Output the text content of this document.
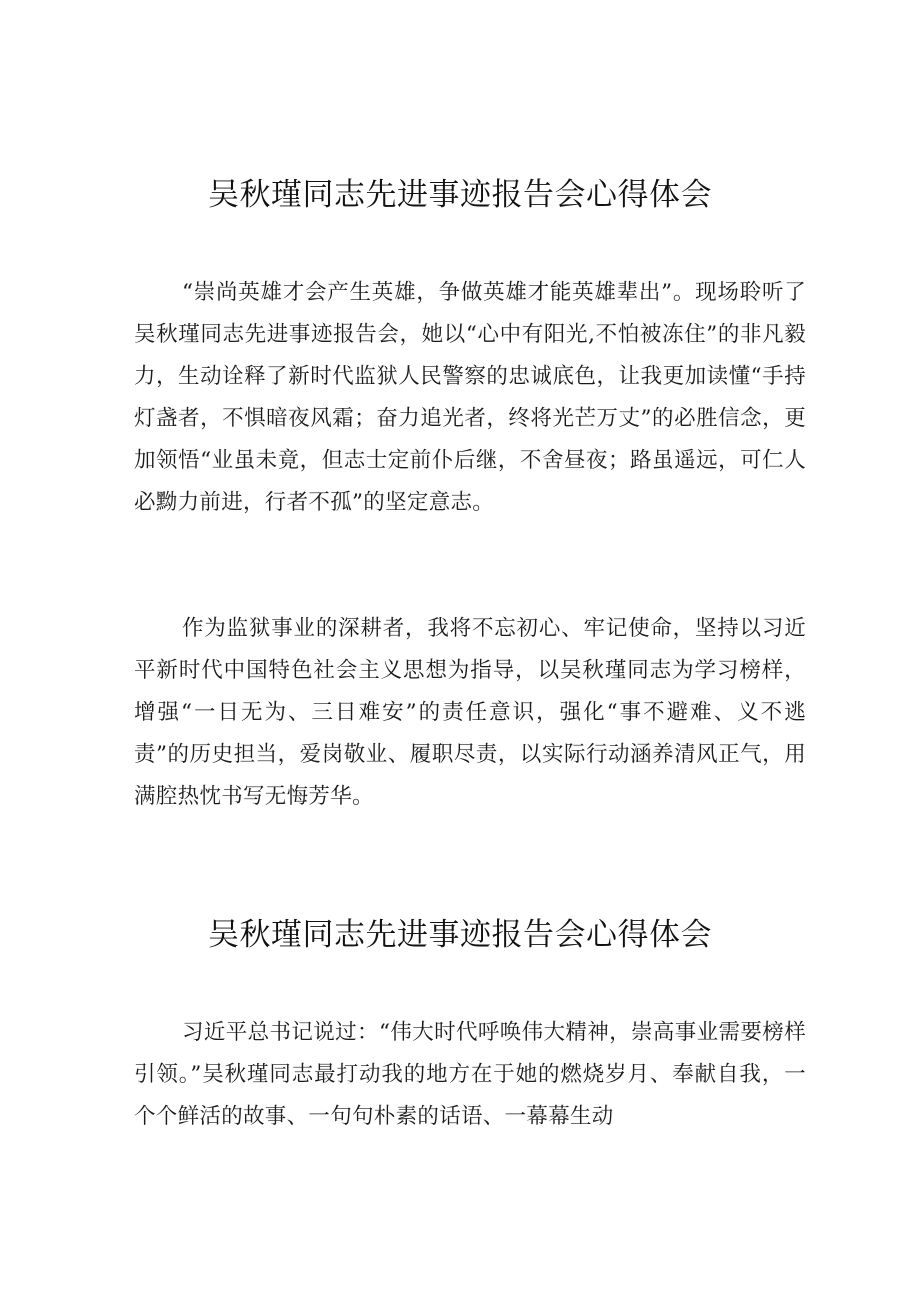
吴秋瑾同志先进事迹报告会心得体会

“崇尚英雄才会产生英雄，争做英雄才能英雄辈出”。现场聆听了吴秋瑾同志先进事迹报告会，她以“心中有阳光,不怕被冻住”的非凡毅力，生动诠释了新时代监狱人民警察的忠诚底色，让我更加读懂“手持灯盏者，不惧暗夜风霜；奋力追光者，终将光芒万丈”的必胜信念，更加领悟“业虽未竟，但志士定前仆后继，不舍昼夜；路虽遥远，可仁人必黝力前进，行者不孤”的坚定意志。

作为监狱事业的深耕者，我将不忘初心、牢记使命，坚持以习近平新时代中国特色社会主义思想为指导，以吴秋瑾同志为学习榜样，增强“一日无为、三日难安”的责任意识，强化“事不避难、义不逃责”的历史担当，爱岗敬业、履职尽责，以实际行动涵养清风正气，用满腔热忱书写无悔芳华。

吴秋瑾同志先进事迹报告会心得体会

习近平总书记说过：“伟大时代呼唤伟大精神，崇高事业需要榜样引领。”吴秋瑾同志最打动我的地方在于她的燃烧岁月、奉献自我，一个个鲜活的故事、一句句朴素的话语、一幕幕生动
